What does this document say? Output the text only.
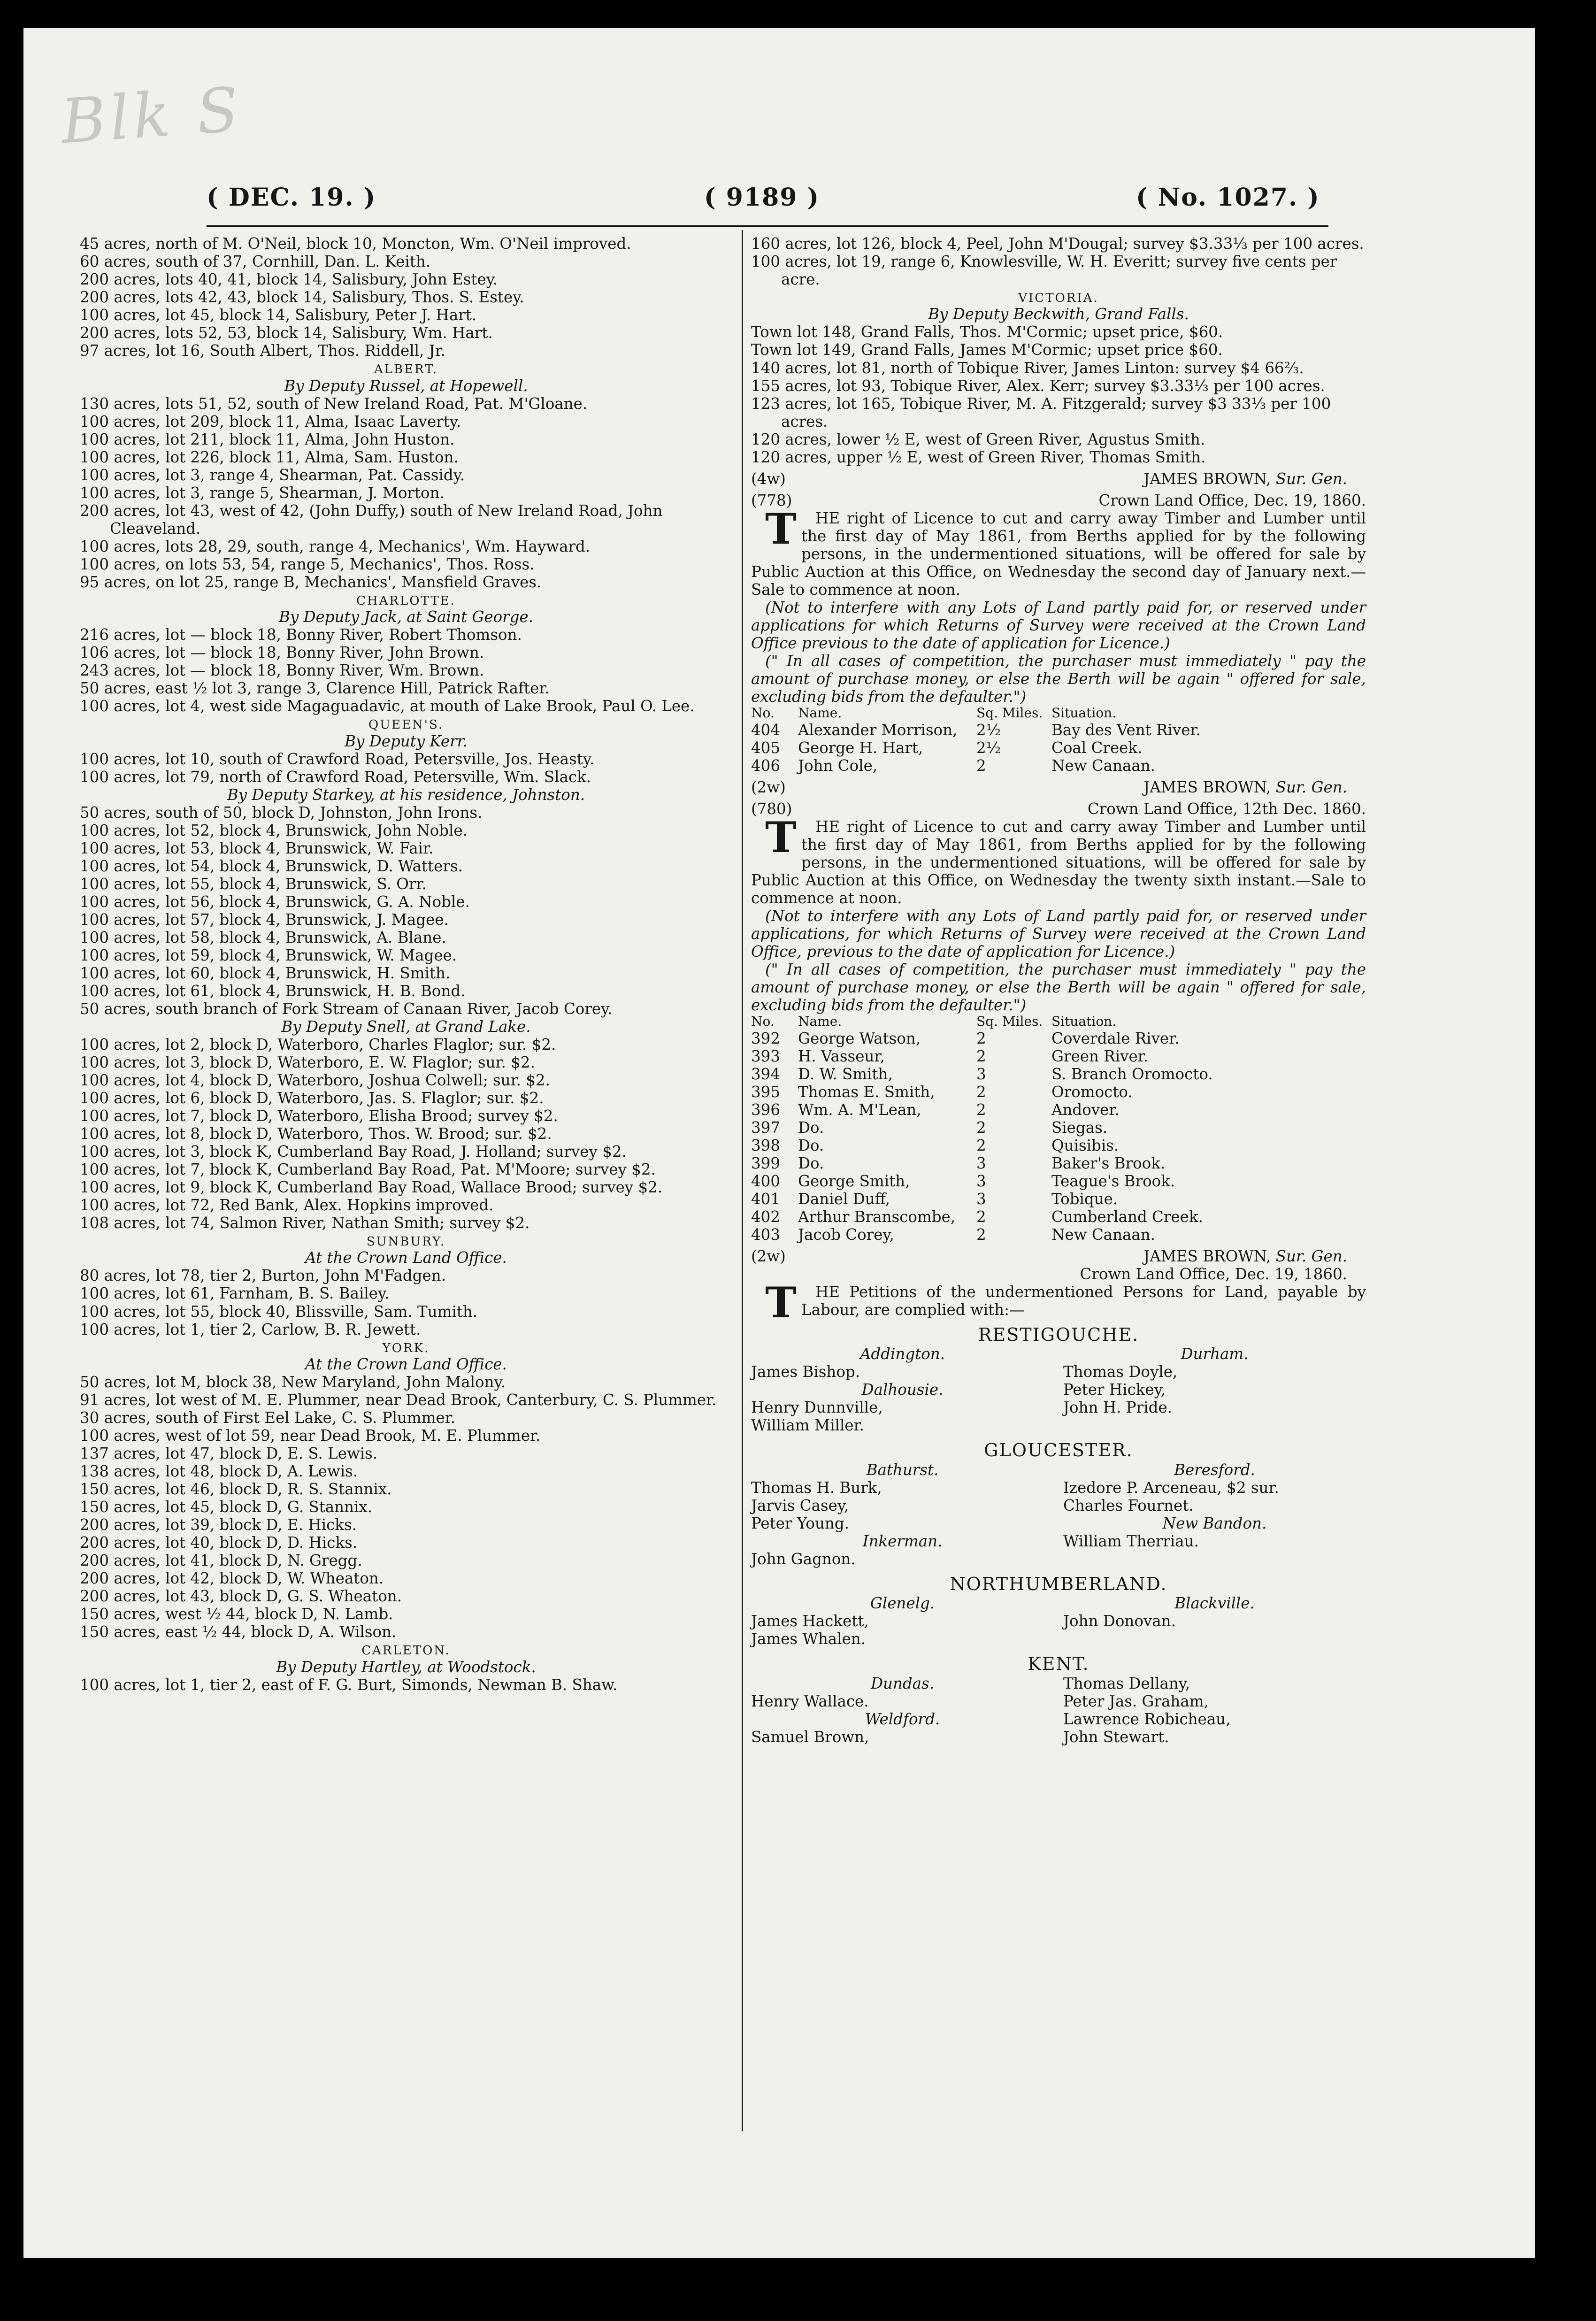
Blk S
( DEC. 19. )	( 9189 )	( No. 1027. )
45 acres, north of M. O'Neil, block 10, Moncton, Wm. O'Neil improved.
60 acres, south of 37, Cornhill, Dan. L. Keith.
200 acres, lots 40, 41, block 14, Salisbury, John Estey.
200 acres, lots 42, 43, block 14, Salisbury, Thos. S. Estey.
100 acres, lot 45, block 14, Salisbury, Peter J. Hart.
200 acres, lots 52, 53, block 14, Salisbury, Wm. Hart.
97 acres, lot 16, South Albert, Thos. Riddell, Jr.
ALBERT.
By Deputy Russel, at Hopewell.
130 acres, lots 51, 52, south of New Ireland Road, Pat. M'Gloane.
100 acres, lot 209, block 11, Alma, Isaac Laverty.
100 acres, lot 211, block 11, Alma, John Huston.
100 acres, lot 226, block 11, Alma, Sam. Huston.
100 acres, lot 3, range 4, Shearman, Pat. Cassidy.
100 acres, lot 3, range 5, Shearman, J. Morton.
200 acres, lot 43, west of 42, (John Duffy,) south of New Ireland Road, John Cleaveland.
100 acres, lots 28, 29, south, range 4, Mechanics', Wm. Hayward.
100 acres, on lots 53, 54, range 5, Mechanics', Thos. Ross.
95 acres, on lot 25, range B, Mechanics', Mansfield Graves.
CHARLOTTE.
By Deputy Jack, at Saint George.
216 acres, lot — block 18, Bonny River, Robert Thomson.
106 acres, lot — block 18, Bonny River, John Brown.
243 acres, lot — block 18, Bonny River, Wm. Brown.
50 acres, east ½ lot 3, range 3, Clarence Hill, Patrick Rafter.
100 acres, lot 4, west side Magaguadavic, at mouth of Lake Brook, Paul O. Lee.
QUEEN'S.
By Deputy Kerr.
100 acres, lot 10, south of Crawford Road, Petersville, Jos. Heasty.
100 acres, lot 79, north of Crawford Road, Petersville, Wm. Slack.
By Deputy Starkey, at his residence, Johnston.
50 acres, south of 50, block D, Johnston, John Irons.
100 acres, lot 52, block 4, Brunswick, John Noble.
100 acres, lot 53, block 4, Brunswick, W. Fair.
100 acres, lot 54, block 4, Brunswick, D. Watters.
100 acres, lot 55, block 4, Brunswick, S. Orr.
100 acres, lot 56, block 4, Brunswick, G. A. Noble.
100 acres, lot 57, block 4, Brunswick, J. Magee.
100 acres, lot 58, block 4, Brunswick, A. Blane.
100 acres, lot 59, block 4, Brunswick, W. Magee.
100 acres, lot 60, block 4, Brunswick, H. Smith.
100 acres, lot 61, block 4, Brunswick, H. B. Bond.
50 acres, south branch of Fork Stream of Canaan River, Jacob Corey.
By Deputy Snell, at Grand Lake.
100 acres, lot 2, block D, Waterboro, Charles Flaglor; sur. $2.
100 acres, lot 3, block D, Waterboro, E. W. Flaglor; sur. $2.
100 acres, lot 4, block D, Waterboro, Joshua Colwell; sur. $2.
100 acres, lot 6, block D, Waterboro, Jas. S. Flaglor; sur. $2.
100 acres, lot 7, block D, Waterboro, Elisha Brood; survey $2.
100 acres, lot 8, block D, Waterboro, Thos. W. Brood; sur. $2.
100 acres, lot 3, block K, Cumberland Bay Road, J. Holland; survey $2.
100 acres, lot 7, block K, Cumberland Bay Road, Pat. M'Moore; survey $2.
100 acres, lot 9, block K, Cumberland Bay Road, Wallace Brood; survey $2.
100 acres, lot 72, Red Bank, Alex. Hopkins improved.
108 acres, lot 74, Salmon River, Nathan Smith; survey $2.
SUNBURY.
At the Crown Land Office.
80 acres, lot 78, tier 2, Burton, John M'Fadgen.
100 acres, lot 61, Farnham, B. S. Bailey.
100 acres, lot 55, block 40, Blissville, Sam. Tumith.
100 acres, lot 1, tier 2, Carlow, B. R. Jewett.
YORK.
At the Crown Land Office.
50 acres, lot M, block 38, New Maryland, John Malony.
91 acres, lot west of M. E. Plummer, near Dead Brook, Canterbury, C. S. Plummer.
30 acres, south of First Eel Lake, C. S. Plummer.
100 acres, west of lot 59, near Dead Brook, M. E. Plummer.
137 acres, lot 47, block D, E. S. Lewis.
138 acres, lot 48, block D, A. Lewis.
150 acres, lot 46, block D, R. S. Stannix.
150 acres, lot 45, block D, G. Stannix.
200 acres, lot 39, block D, E. Hicks.
200 acres, lot 40, block D, D. Hicks.
200 acres, lot 41, block D, N. Gregg.
200 acres, lot 42, block D, W. Wheaton.
200 acres, lot 43, block D, G. S. Wheaton.
150 acres, west ½ 44, block D, N. Lamb.
150 acres, east ½ 44, block D, A. Wilson.
CARLETON.
By Deputy Hartley, at Woodstock.
100 acres, lot 1, tier 2, east of F. G. Burt, Simonds, Newman B. Shaw.
160 acres, lot 126, block 4, Peel, John M'Dougal; survey $3.33⅓ per 100 acres.
100 acres, lot 19, range 6, Knowlesville, W. H. Everitt; survey five cents per acre.
VICTORIA.
By Deputy Beckwith, Grand Falls.
Town lot 148, Grand Falls, Thos. M'Cormic; upset price, $60.
Town lot 149, Grand Falls, James M'Cormic; upset price $60.
140 acres, lot 81, north of Tobique River, James Linton: survey $4 66⅔.
155 acres, lot 93, Tobique River, Alex. Kerr; survey $3.33⅓ per 100 acres.
123 acres, lot 165, Tobique River, M. A. Fitzgerald; survey $3 33⅓ per 100 acres.
120 acres, lower ½ E, west of Green River, Agustus Smith.
120 acres, upper ½ E, west of Green River, Thomas Smith.
(4w)	JAMES BROWN, Sur. Gen.
(778)	Crown Land Office, Dec. 19, 1860.
T HE right of Licence to cut and carry away Timber and Lumber until the first day of May 1861, from Berths applied for by the following persons, in the undermentioned situations, will be offered for sale by Public Auction at this Office, on Wednesday the second day of January next.—Sale to commence at noon.
(Not to interfere with any Lots of Land partly paid for, or reserved under applications for which Returns of Survey were received at the Crown Land Office previous to the date of application for Licence.)
(" In all cases of competition, the purchaser must immediately " pay the amount of purchase money, or else the Berth will be again " offered for sale, excluding bids from the defaulter.")
No.	Name.	Sq. Miles. Situation.
404	Alexander Morrison,	2½	Bay des Vent River.
405	George H. Hart,	2½	Coal Creek.
406	John Cole,	2	New Canaan.
(2w)	JAMES BROWN, Sur. Gen.
(780)	Crown Land Office, 12th Dec. 1860.
T HE right of Licence to cut and carry away Timber and Lumber until the first day of May 1861, from Berths applied for by the following persons, in the undermentioned situations, will be offered for sale by Public Auction at this Office, on Wednesday the twenty sixth instant.—Sale to commence at noon.
(Not to interfere with any Lots of Land partly paid for, or reserved under applications, for which Returns of Survey were received at the Crown Land Office, previous to the date of application for Licence.)
(" In all cases of competition, the purchaser must immediately " pay the amount of purchase money, or else the Berth will be again " offered for sale, excluding bids from the defaulter.")
No.	Name.	Sq. Miles. Situation.
392	George Watson,	2	Coverdale River.
393	H. Vasseur,	2	Green River.
394	D. W. Smith,	3	S. Branch Oromocto.
395	Thomas E. Smith,	2	Oromocto.
396	Wm. A. M'Lean,	2	Andover.
397	Do.	2	Siegas.
398	Do.	2	Quisibis.
399	Do.	3	Baker's Brook.
400	George Smith,	3	Teague's Brook.
401	Daniel Duff,	3	Tobique.
402	Arthur Branscombe,	2	Cumberland Creek.
403	Jacob Corey,	2	New Canaan.
(2w)	JAMES BROWN, Sur. Gen.
Crown Land Office, Dec. 19, 1860.
T HE Petitions of the undermentioned Persons for Land, payable by Labour, are complied with:—
RESTIGOUCHE.
Addington.
James Bishop.
Dalhousie.
Henry Dunnville,
William Miller.
Durham.
Thomas Doyle,
Peter Hickey,
John H. Pride.
GLOUCESTER.
Bathurst.
Thomas H. Burk,
Jarvis Casey,
Peter Young.
Inkerman.
John Gagnon.
Beresford.
Izedore P. Arceneau, $2 sur.
Charles Fournet.
New Bandon.
William Therriau.
NORTHUMBERLAND.
Glenelg.
James Hackett,
James Whalen.
Blackville.
John Donovan.
KENT.
Dundas.
Henry Wallace.
Weldford.
Samuel Brown,
Thomas Dellany,
Peter Jas. Graham,
Lawrence Robicheau,
John Stewart.
